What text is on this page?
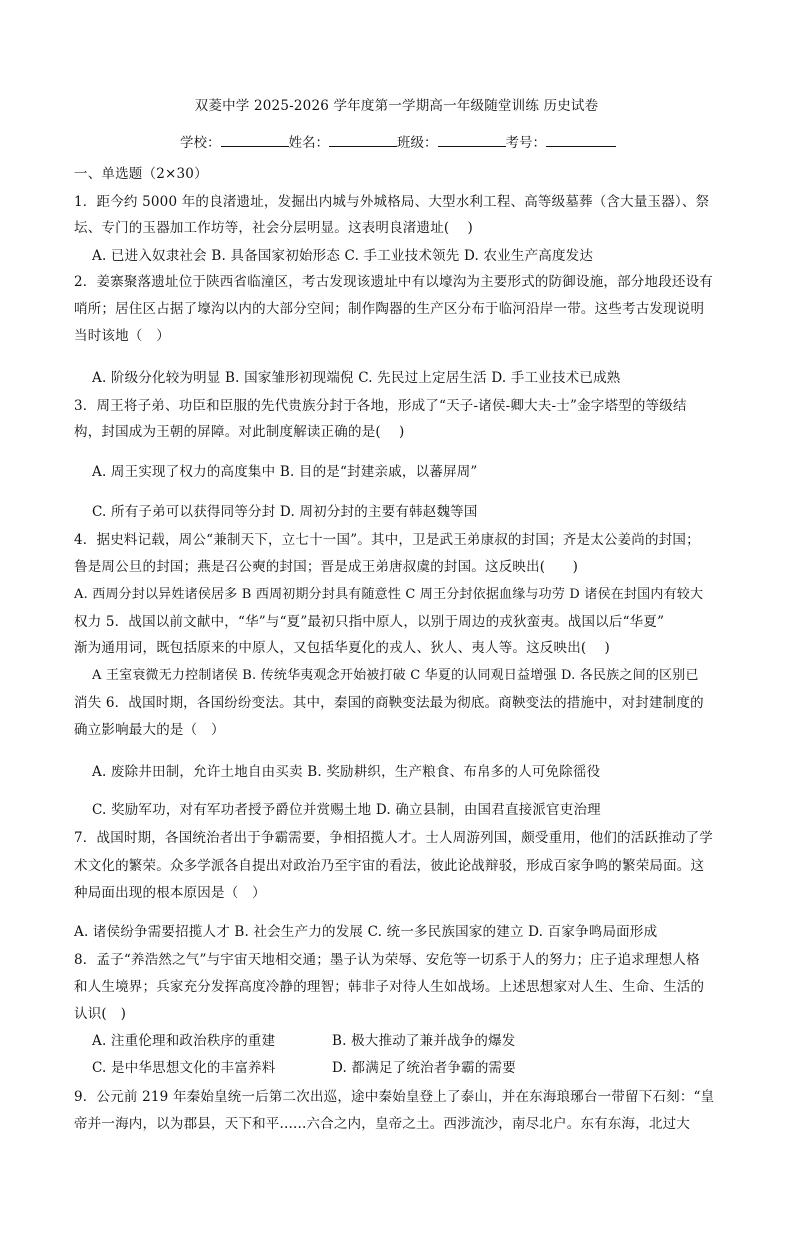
双菱中学 2025-2026 学年度第一学期高一年级随堂训练 历史试卷
学校：	姓名：	班级：	考号：
一、单选题（2×30）
1．距今约 5000 年的良渚遗址，发掘出内城与外城格局、大型水利工程、高等级墓葬（含大量玉器）、祭
坛、专门的玉器加工作坊等，社会分层明显。这表明良渚遗址(　 )
A. 已进入奴隶社会 B. 具备国家初始形态 C. 手工业技术领先 D. 农业生产高度发达
2．姜寨聚落遗址位于陕西省临潼区，考古发现该遗址中有以壕沟为主要形式的防御设施，部分地段还设有
哨所；居住区占据了壕沟以内的大部分空间；制作陶器的生产区分布于临河沿岸一带。这些考古发现说明
当时该地（　）
A. 阶级分化较为明显 B. 国家雏形初现端倪 C. 先民过上定居生活 D. 手工业技术已成熟
3．周王将子弟、功臣和臣服的先代贵族分封于各地，形成了“天子-诸侯-卿大夫-士”金字塔型的等级结
构，封国成为王朝的屏障。对此制度解读正确的是(　 )
A. 周王实现了权力的高度集中 B. 目的是“封建亲戚，以蕃屏周”
C. 所有子弟可以获得同等分封 D. 周初分封的主要有韩赵魏等国
4．据史料记载，周公“兼制天下，立七十一国”。其中，卫是武王弟康叔的封国；齐是太公姜尚的封国；
鲁是周公旦的封国；燕是召公奭的封国；晋是成王弟唐叔虞的封国。这反映出(　　)
A. 西周分封以异姓诸侯居多 B 西周初期分封具有随意性 C 周王分封依据血缘与功劳 D 诸侯在封国内有较大
权力 5．战国以前文献中，“华”与“夏”最初只指中原人，以别于周边的戎狄蛮夷。战国以后“华夏”
渐为通用词，既包括原来的中原人，又包括华夏化的戎人、狄人、夷人等。这反映出(　 )
A 王室衰微无力控制诸侯 B. 传统华夷观念开始被打破 C 华夏的认同观日益增强 D. 各民族之间的区别已
消失 6．战国时期，各国纷纷变法。其中，秦国的商鞅变法最为彻底。商鞅变法的措施中，对封建制度的
确立影响最大的是（　）
A. 废除井田制，允许土地自由买卖 B. 奖励耕织，生产粮食、布帛多的人可免除徭役
C. 奖励军功，对有军功者授予爵位并赏赐土地 D. 确立县制，由国君直接派官吏治理
7．战国时期，各国统治者出于争霸需要，争相招揽人才。士人周游列国，颇受重用，他们的活跃推动了学
术文化的繁荣。众多学派各自提出对政治乃至宇宙的看法，彼此论战辩驳，形成百家争鸣的繁荣局面。这
种局面出现的根本原因是（　）
A. 诸侯纷争需要招揽人才 B. 社会生产力的发展 C. 统一多民族国家的建立 D. 百家争鸣局面形成
8．孟子“养浩然之气”与宇宙天地相交通；墨子认为荣辱、安危等一切系于人的努力；庄子追求理想人格
和人生境界；兵家充分发挥高度冷静的理智；韩非子对待人生如战场。上述思想家对人生、生命、生活的
认识(　)
A. 注重伦理和政治秩序的重建	B. 极大推动了兼并战争的爆发
C. 是中华思想文化的丰富养料	D. 都满足了统治者争霸的需要
9．公元前 219 年秦始皇统一后第二次出巡，途中秦始皇登上了泰山，并在东海琅琊台一带留下石刻：“皇
帝并一海内，以为郡县，天下和平......六合之内，皇帝之土。西涉流沙，南尽北户。东有东海，北过大
